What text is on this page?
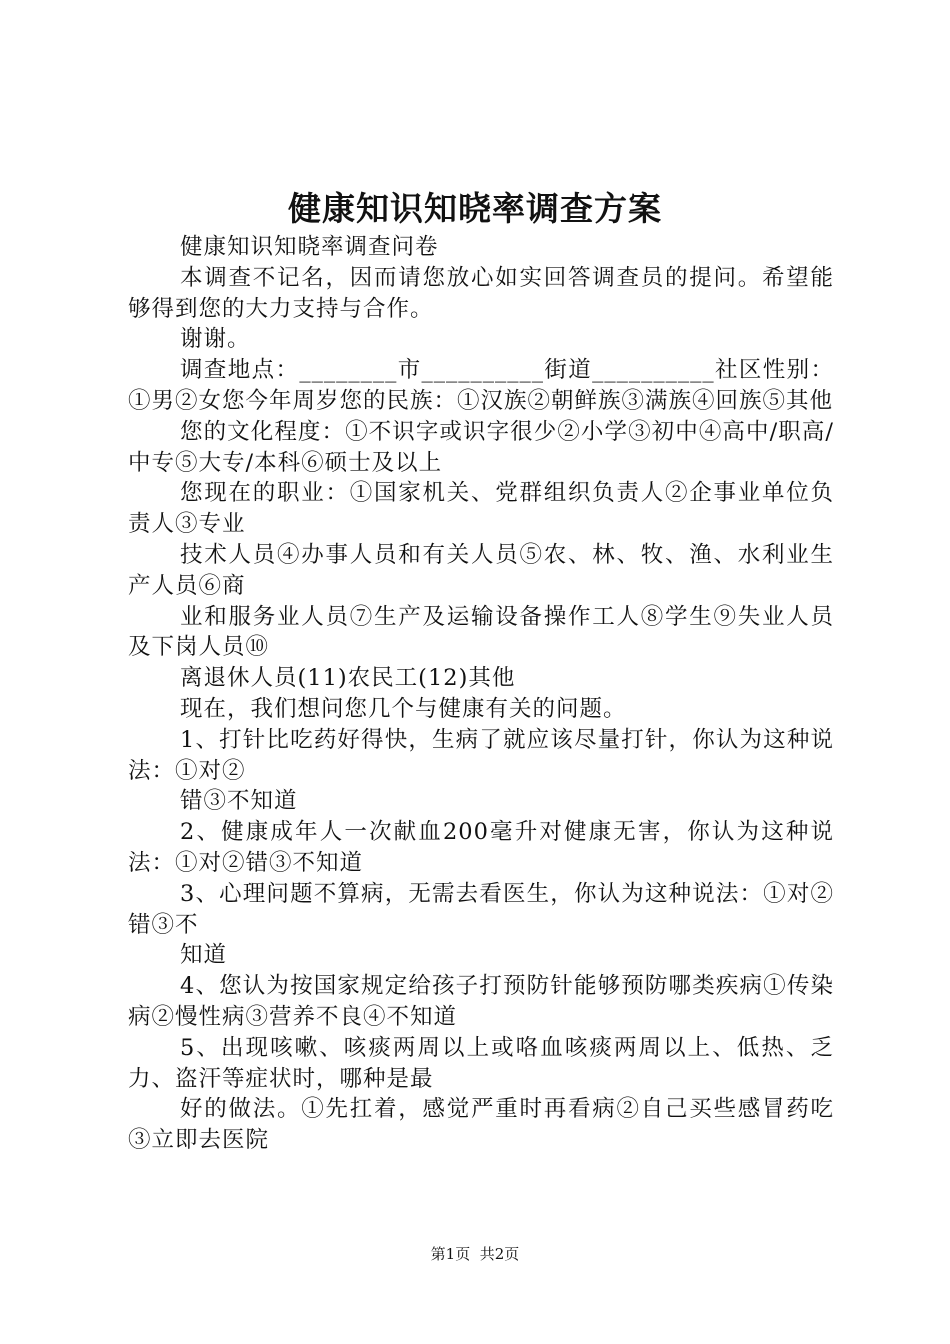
健康知识知晓率调查方案

健康知识知晓率调查问卷

本调查不记名，因而请您放心如实回答调查员的提问。希望能够得到您的大力支持与合作。

谢谢。

调查地点：________市__________街道__________社区性别：①男②女您今年周岁您的民族：①汉族②朝鲜族③满族④回族⑤其他

您的文化程度：①不识字或识字很少②小学③初中④高中/职高/中专⑤大专/本科⑥硕士及以上

您现在的职业：①国家机关、党群组织负责人②企事业单位负责人③专业

技术人员④办事人员和有关人员⑤农、林、牧、渔、水利业生产人员⑥商

业和服务业人员⑦生产及运输设备操作工人⑧学生⑨失业人员及下岗人员⑩

离退休人员(11)农民工(12)其他

现在，我们想问您几个与健康有关的问题。

1、打针比吃药好得快，生病了就应该尽量打针，你认为这种说法：①对②

错③不知道

2、健康成年人一次献血200毫升对健康无害，你认为这种说法：①对②错③不知道

3、心理问题不算病，无需去看医生，你认为这种说法：①对②错③不

知道

4、您认为按国家规定给孩子打预防针能够预防哪类疾病①传染病②慢性病③营养不良④不知道

5、出现咳嗽、咳痰两周以上或咯血咳痰两周以上、低热、乏力、盗汗等症状时，哪种是最

好的做法。①先扛着，感觉严重时再看病②自己买些感冒药吃③立即去医院

第1页 共2页
